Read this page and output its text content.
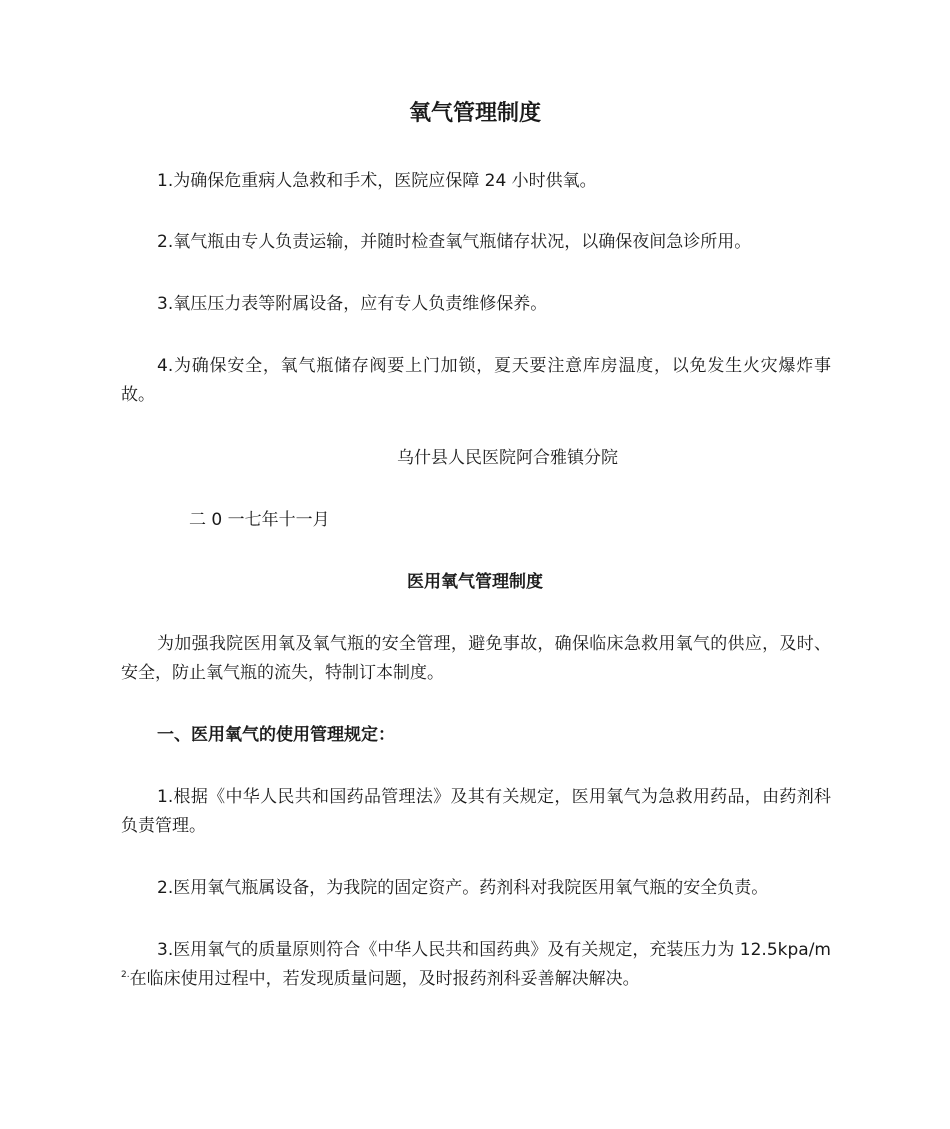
氧气管理制度
1.为确保危重病人急救和手术，医院应保障 24 小时供氧。
2.氧气瓶由专人负责运输，并随时检查氧气瓶储存状况，以确保夜间急诊所用。
3.氧压压力表等附属设备，应有专人负责维修保养。
4.为确保安全，氧气瓶储存阀要上门加锁，夏天要注意库房温度，以免发生火灾爆炸事故。
乌什县人民医院阿合雅镇分院
二 0 一七年十一月
医用氧气管理制度
为加强我院医用氧及氧气瓶的安全管理，避免事故，确保临床急救用氧气的供应，及时、安全，防止氧气瓶的流失，特制订本制度。
一、医用氧气的使用管理规定：
1.根据《中华人民共和国药品管理法》及其有关规定，医用氧气为急救用药品，由药剂科负责管理。
2.医用氧气瓶属设备，为我院的固定资产。药剂科对我院医用氧气瓶的安全负责。
3.医用氧气的质量原则符合《中华人民共和国药典》及有关规定，充装压力为 $12.5kpa/m^{2.}$在临床使用过程中，若发现质量问题，及时报药剂科妥善解决解决。
